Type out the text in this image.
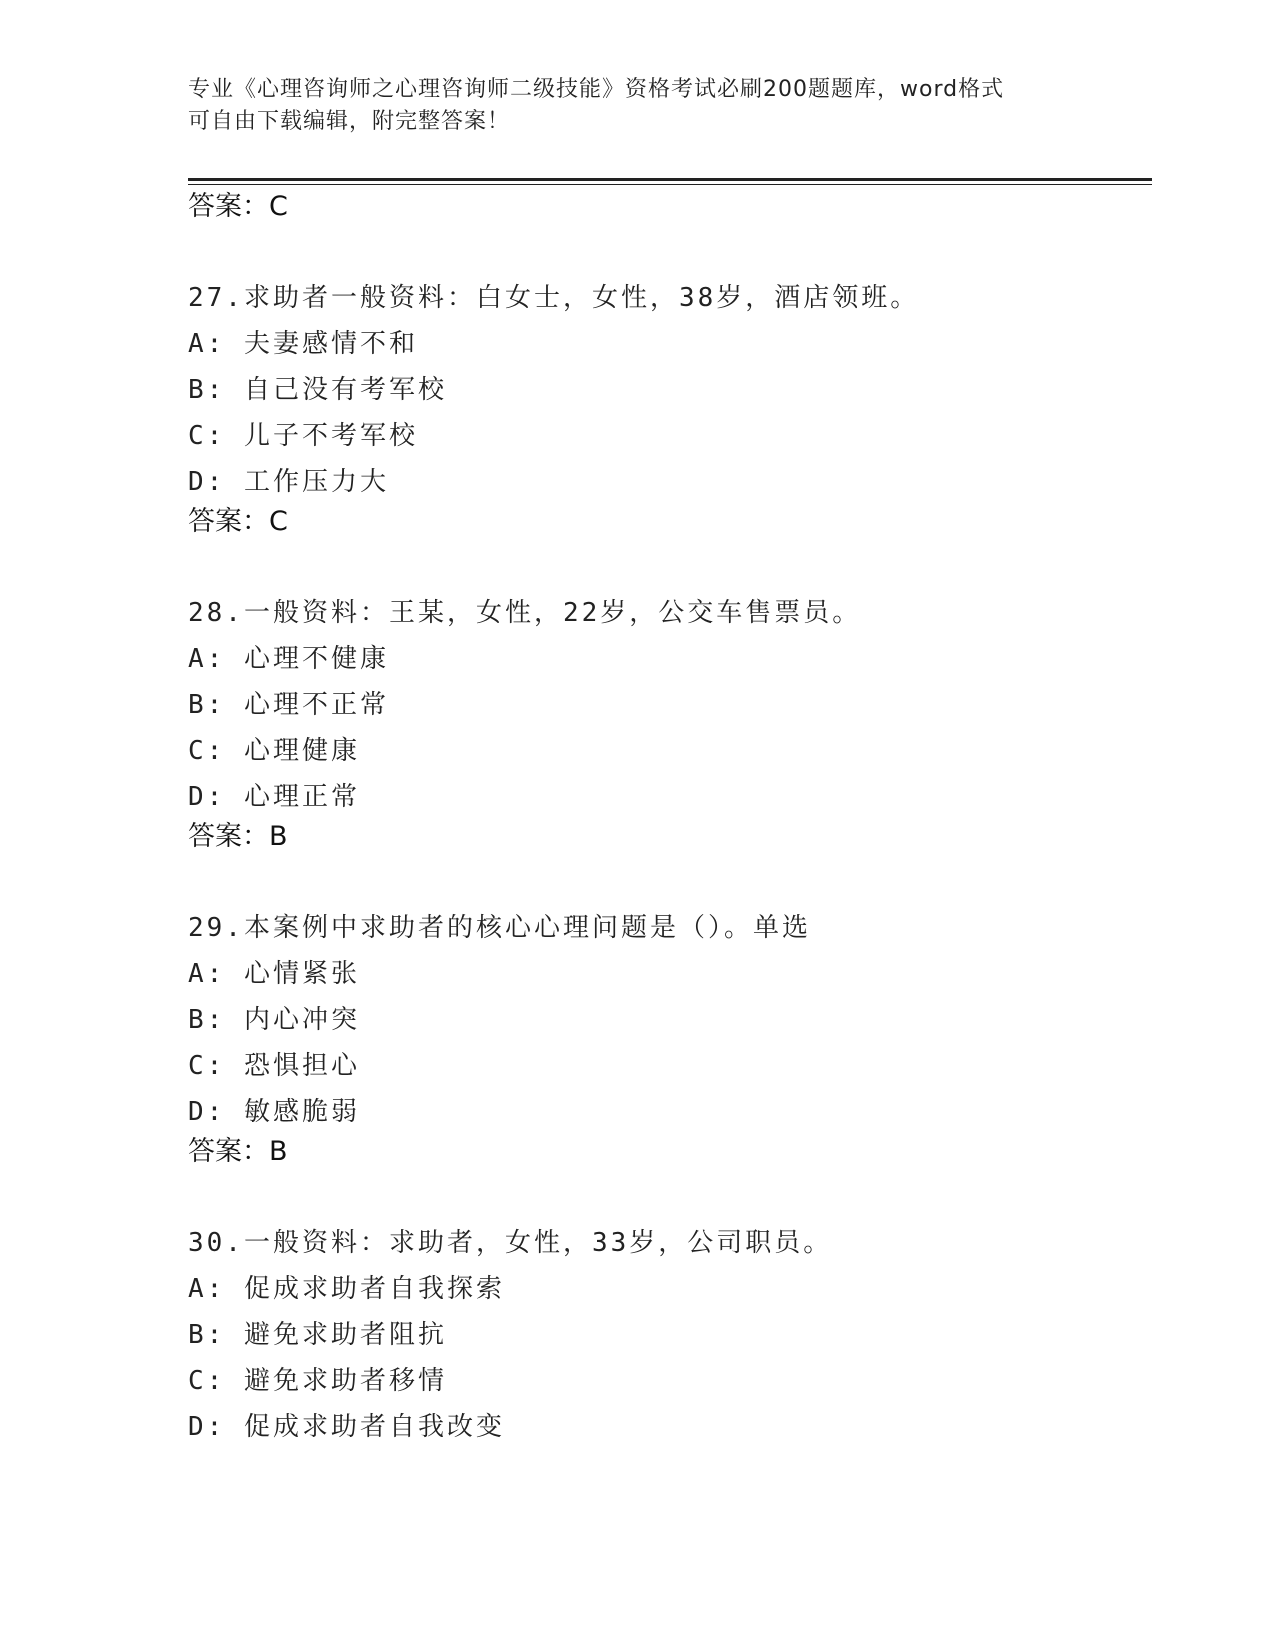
专业《心理咨询师之心理咨询师二级技能》资格考试必刷200题题库，word格式
可自由下载编辑，附完整答案！
答案：C
27.求助者一般资料：白女士，女性，38岁，酒店领班。
A: 夫妻感情不和
B: 自己没有考军校
C: 儿子不考军校
D: 工作压力大
答案：C
28.一般资料：王某，女性，22岁，公交车售票员。
A: 心理不健康
B: 心理不正常
C: 心理健康
D: 心理正常
答案：B
29.本案例中求助者的核心心理问题是（）。单选
A: 心情紧张
B: 内心冲突
C: 恐惧担心
D: 敏感脆弱
答案：B
30.一般资料：求助者，女性，33岁，公司职员。
A: 促成求助者自我探索
B: 避免求助者阻抗
C: 避免求助者移情
D: 促成求助者自我改变
